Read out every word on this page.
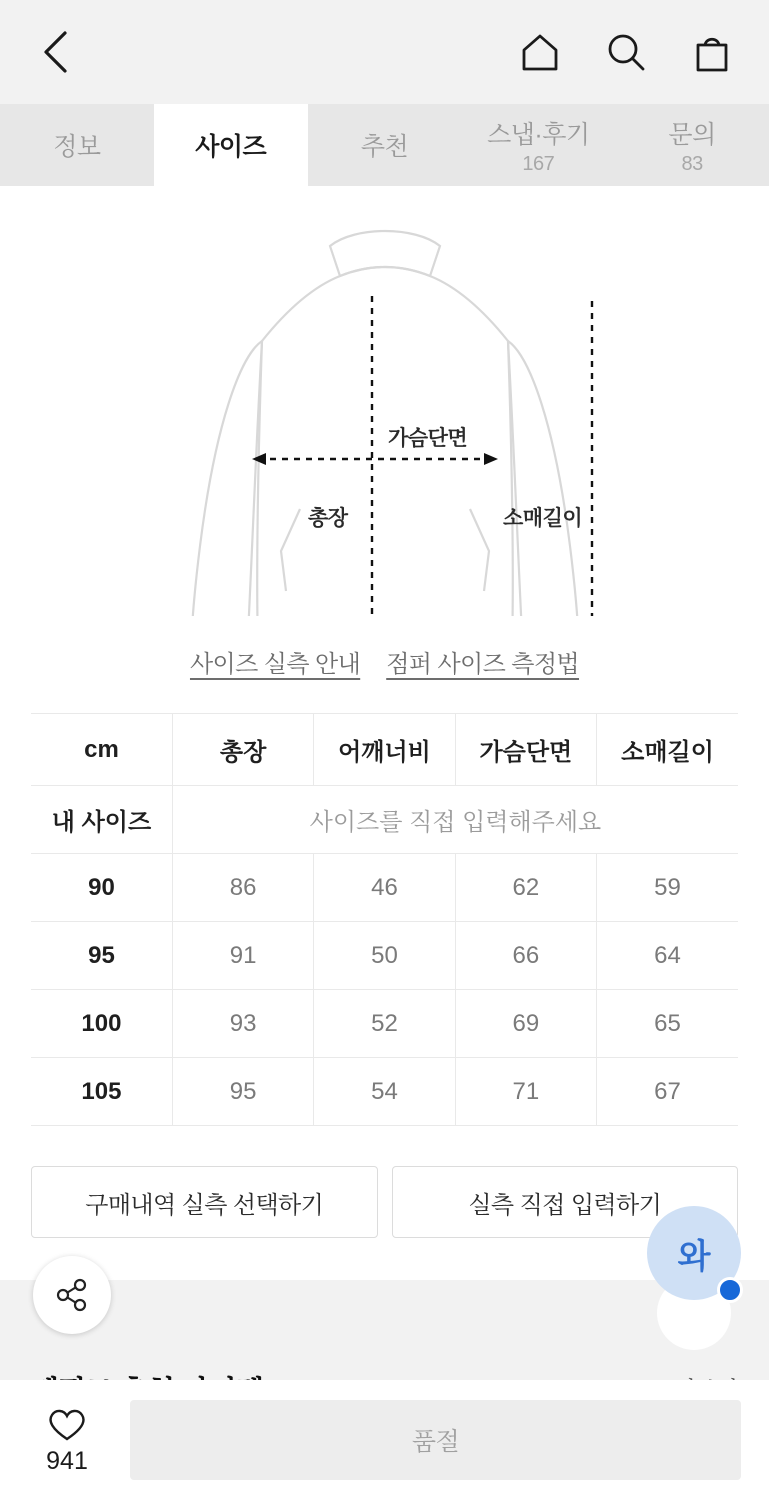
정보	사이즈	추천	스냅·후기
167
문의
83
가슴단면
총장	소매길이
사이즈 실측 안내 점퍼 사이즈 측정법
cm	총장	어깨너비	가슴단면	소매길이
내 사이즈	사이즈를 직접 입력해주세요			
90	86	46	62	59
95	91	50	66	64
100	93	52	69	65
105	95	54	71	67
구매내역 실측 선택하기	실측 직접 입력하기
와
941
품절
